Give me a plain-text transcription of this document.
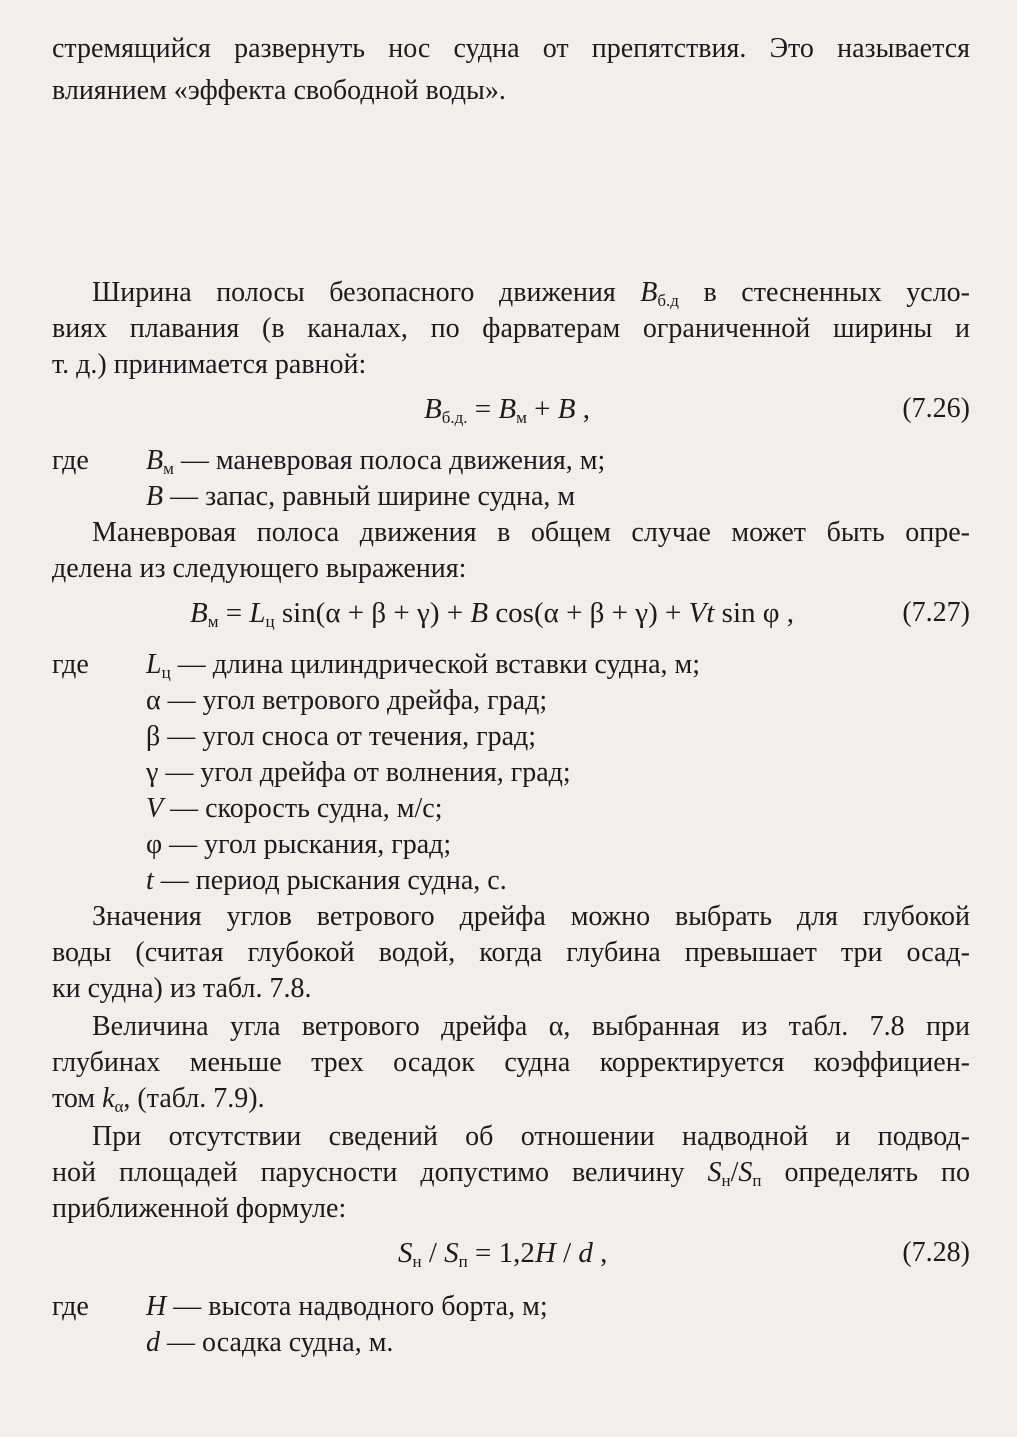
стремящийся развернуть нос судна от препятствия. Это называется
влиянием «эффекта свободной воды».
Ширина полосы безопасного движения $B_{б.д}$ в стесненных усло-
виях плавания (в каналах, по фарватерам ограниченной ширины и
т. д.) принимается равной:
$B_{б.д.} = B_м + B$ ,	(7.26)
где $B_м$ — маневровая полоса движения, м;
B — запас, равный ширине судна, м
Маневровая полоса движения в общем случае может быть опре-
делена из следующего выражения:
$B_м = L_ц$ sin(α + β + γ) + B cos(α + β + γ) + Vt sin φ ,	(7.27)
где $L_ц$ — длина цилиндрической вставки судна, м;
α — угол ветрового дрейфа, град;
β — угол сноса от течения, град;
γ — угол дрейфа от волнения, град;
V — скорость судна, м/с;
φ — угол рыскания, град;
t — период рыскания судна, с.
Значения углов ветрового дрейфа можно выбрать для глубокой
воды (считая глубокой водой, когда глубина превышает три осад-
ки судна) из табл. 7.8.
Величина угла ветрового дрейфа α, выбранная из табл. 7.8 при
глубинах меньше трех осадок судна корректируется коэффициен-
том $k_\alpha$, (табл. 7.9).
При отсутствии сведений об отношении надводной и подвод-
ной площадей парусности допустимо величину $S_н/S_п$ определять по
приближенной формуле:
$S_н / S_п = 1,2H / d$ ,	(7.28)
где H — высота надводного борта, м;
d — осадка судна, м.
